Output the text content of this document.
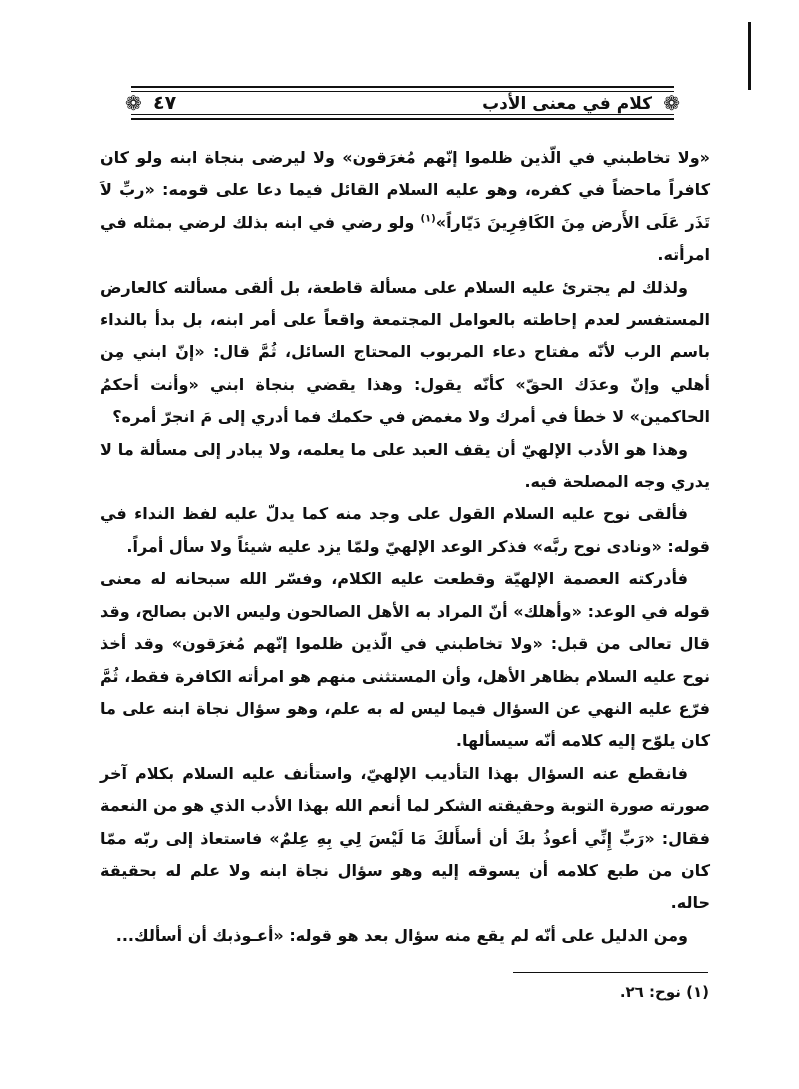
❁
كلام في معنى الأدب
٤٧
❁

«ولا تخاطبني في الّذين ظلموا إنّهم مُغرَقون» ولا ليرضى بنجاة ابنه ولو كان كافراً ماحضاً في كفره، وهو عليه السلام القائل فيما دعا على قومه: «ربِّ لاَ تَذَر عَلَى الأَرض مِنَ الكَافِرِينَ دَيّاراً»$^{(١)}$ ولو رضي في ابنه بذلك لرضي بمثله في امرأته.

ولذلك لم يجترئ عليه السلام على مسألة قاطعة، بل ألقى مسألته كالعارض المستفسر لعدم إحاطته بالعوامل المجتمعة واقعاً على أمر ابنه، بل بدأ بالنداء باسم الرب لأنّه مفتاح دعاء المربوب المحتاج السائل، ثُمَّ قال: «إنّ ابني مِن أهلي وإنّ وعدَك الحقّ» كأنّه يقول: وهذا يقضي بنجاة ابني «وأنت أحكمُ الحاكمين» لا خطأ في أمرك ولا مغمض في حكمك فما أدري إلى مَ انجرّ أمره؟

وهذا هو الأدب الإلهيّ أن يقف العبد على ما يعلمه، ولا يبادر إلى مسألة ما لا يدري وجه المصلحة فيه.

فألقى نوح عليه السلام القول على وجد منه كما يدلّ عليه لفظ النداء في قوله: «ونادى نوح ربَّه» فذكر الوعد الإلهيّ ولمّا يزد عليه شيئاً ولا سأل أمراً.

فأدركته العصمة الإلهيّة وقطعت عليه الكلام، وفسّر الله سبحانه له معنى قوله في الوعد: «وأهلك» أنّ المراد به الأهل الصالحون وليس الابن بصالح، وقد قال تعالى من قبل: «ولا تخاطبني في الّذين ظلموا إنّهم مُغرَقون» وقد أخذ نوح عليه السلام بظاهر الأهل، وأن المستثنى منهم هو امرأته الكافرة فقط، ثُمَّ فرّع عليه النهي عن السؤال فيما ليس له به علم، وهو سؤال نجاة ابنه على ما كان يلوّح إليه كلامه أنّه سيسألها.

فانقطع عنه السؤال بهذا التأديب الإلهيّ، واستأنف عليه السلام بكلام آخر صورته صورة التوبة وحقيقته الشكر لما أنعم الله بهذا الأدب الذي هو من النعمة فقال: «رَبِّ إِنِّي أعوذُ بكَ أن أسأَلكَ مَا لَيْسَ لِي بِهِ عِلمٌ» فاستعاذ إلى ربّه ممّا كان من طبع كلامه أن يسوقه إليه وهو سؤال نجاة ابنه ولا علم له بحقيقة حاله.

ومن الدليل على أنّه لم يقع منه سؤال بعد هو قوله: «أعـوذبك أن أسألك...

(١) نوح: ٢٦.
